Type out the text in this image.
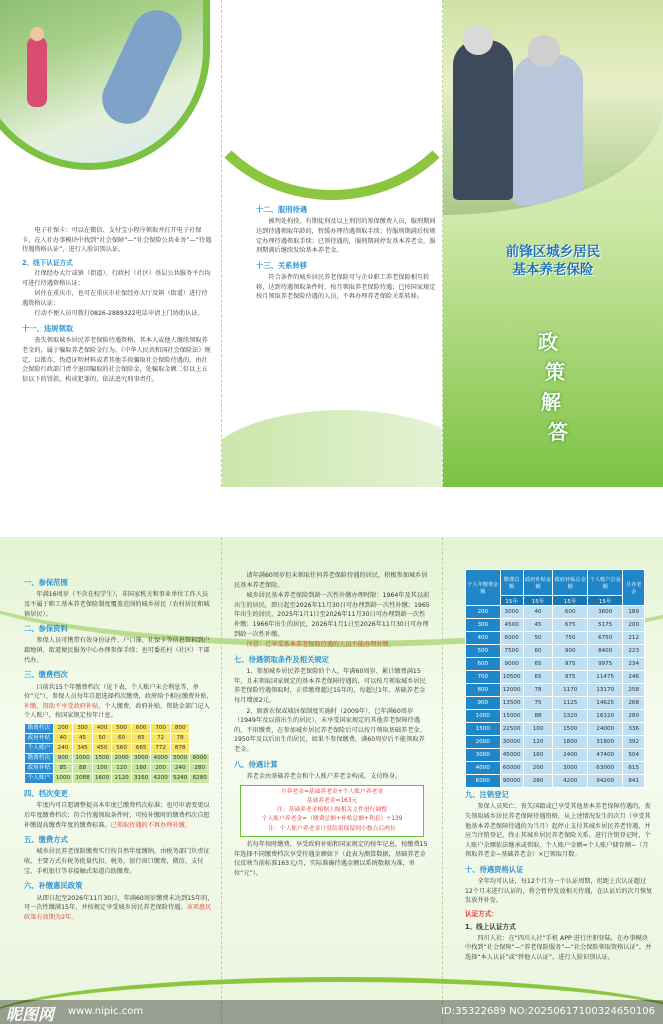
电子社保卡：可以在微信、支付宝小程序领取并打开电子社保卡，在人社办事模块中找到“社会保障”—“社会保险公共业务”—“待遇待遇资格认证”，进行人脸识别认证。

2、线下认证方式

社保经办大厅或镇（街道）、行政村（社区）基层公共服务平台均可进行待遇资格认证；

居住在重庆市，也可在重庆市社保经办大厅及镇（街道）进行待遇资格认证；

行动不便人员可拨打0826-2889322电话申请上门协助认证。

十一、违规领取

丧失领取城乡居民养老保险待遇资格，其本人或他人继续领取养老金的，属于骗取养老保险金行为。《中华人民共和国社会保险法》规定，以欺诈、伪造证明材料或者其他手段骗取社会保险待遇的，由社会保险行政部门责令退回骗取的社会保险金，处骗取金额二倍以上五倍以下的罚款。构成犯罪的，依法追究刑事责任。

十二、服刑待遇

被判处拘役、有期徒刑及以上刑罚的参保缴费人员，服刑期间达到待遇领取年龄的，暂缓办理待遇领取手续；待服刑期满后按规定办理待遇领取手续；已领待遇的，服刑期间停发基本养老金，服刑期满后继续发给基本养老金。

十三、关系转移

符合条件的城乡居民养老保险可与企业职工养老保险相互转移，达到待遇领取条件时，按月领取养老保险待遇；已按国家规定按月领取养老保险待遇的人员，不再办理养老保险关系转移。

前锋区城乡居民
基本养老保险
政
策
解
答
一、参保范围

年满16周岁（不含在校学生），非国家机关和事业单位工作人员及不属于职工基本养老保险制度覆盖范围的城乡居民（农村居民和城镇居民）。

二、参保资料

参保人员可携带有效身份证件、户口簿、社保卡等信息资料到户籍地镇、街道便民服务中心办理参保手续；也可委托村（社区）干部代办。

三、缴费档次

目前共15个年缴费档次（见下表，个人账户未会利息等，单位“元”），参保人员每年自愿选择档次缴费，政府给予相应缴费补贴，补缴、资助不享受政府补贴。个人缴费、政府补贴、资助金部门记入个人账户，按国家规定按年计息。

缴费档次	200	300	400	500	600	700	800	
政府补贴	40	45	50	60	65	72	78	
个人账户	240	345	450	560	665	772	878	
缴费档次	900	1000	1500	2000	3000	4000	5000	6000
政府补贴	85	88	100	120	160	200	240	280
个人账户	1000	1088	1600	2120	3160	4200	5240	6280
四、档次变更

年度内可自愿调整提高本年度已缴费档次标准；也可申请变更以后年度缴费档次；符合待遇领取条件时，可按补缴时的缴费档次自愿补缴提高缴费年度的缴费标准。已领取待遇的不再办理补缴。

五、缴费方式

城乡居民养老保险缴费实行按自然年度缴纳，由税务部门负责征收。主要方式有税务批量代扣、税务、银行窗口缴费，微信、支付宝、手机银行等非接触式渠道自助缴费。

六、补缴惠民政策

从即日起至2026年11月30日，年满60周岁缴费未达到15年的，可一次性缴满15年，并按规定享受城乡居民养老保险待遇。该项惠民政策有效期为2年。

请年满60周岁但未领取任何养老保险待遇的居民，积极参加城乡居民基本养老保险。

城乡居民基本养老保险到龄一次性补缴办理时限：1964年及其以前出生的居民，即日起至2026年11月30日可办理到龄一次性补缴；1965年出生的居民，2025年1月1日至2026年11月30日可办理到龄一次性补缴；1966年出生的居民，2026年1月1日至2026年11月30日可办理到龄一次性补缴。

注意：已享受基本养老保险待遇的人员不能办理补缴。

七、待遇领取条件及相关规定

1、参加城乡居民养老保险的个人，年满60周岁、累计缴费满15年，且未领取国家规定的基本养老保障待遇的，可以按月领取城乡居民养老保险待遇领取时，正常缴费超过15年的，每超过1年，基础养老金每月增加2元。

2、原新农保或城居保制度实施时（2009年），已年满60周岁（1949年及以前出生的居民），未享受国家规定的其他养老保障待遇的，不用缴费，在参加城乡居民养老保险后可以按月领取基础养老金。1950年及以后出生的居民，如果不参保缴费，满60周岁后不能领取养老金。

八、待遇计算

养老金由基础养老金和个人账户养老金构成，支付终身。

月养老金=基础养老金+个人账户养老金
基础养老金=163元
注：基础养老金根据上级相关文件进行调整
个人账户养老金=（缴费总额+补贴总额+利息）÷139
注：个人账户养老金计算结果保留到小数点后两位

若每年按时缴费，享受政府补贴和国家规定的按年记息，按缴费15年选择不同缴费档次享受待遇金额如下（此表为测算数据，基础养老金仅反映当前标准163元/月，实际准确待遇金额以系统数据为准，单位“元”）。

个人年缴费金额	缴费总额	政府补贴金额	政府补贴总金额	个人账户总金额	月养老金
	15年	15年	15年	15年	
200	3000	40	600	3600	189
300	4500	45	675	5175	200
400	6000	50	750	6750	212
500	7500	60	900	8400	223
600	9000	65	975	9975	234
700	10500	65	975	11475	246
800	12000	78	1170	13170	258
900	13500	75	1125	14625	268
1000	15000	88	1320	16320	280
1500	22500	100	1500	24000	336
2000	30000	120	1800	31800	392
3000	45000	160	2400	47400	504
4000	60000	200	3000	63000	615
6000	90000	280	4200	94200	841
九、注销登记

参保人员死亡、丧失国籍或已享受其他基本养老保障待遇的，丧失领取城乡居民养老保障待遇资格，从上述情况发生的次月（享受其他基本养老保障待遇的为当月）起停止支付其城乡居民养老待遇，并应当注销登记，终止其城乡居民养老保险关系。进行注销登记时，个人账户余额依法继承或领取。个人账户金额=个人账户储存额−（月领取养老金−基础养老金）×已领取月数。

十、待遇资格认证

全年均可认证，每12个月为一个认证周期，但距上次认证超过12个月未进行认证的，将会暂停发放相关待遇，在认证后的次月恢复发放并补发。

认证方式：
1、线上认证方式

四川人社：在“四川人社”手机 APP 进行注册登陆，在办事模块中找到“社会保障”—“养老保险服务”—“社会保险领取资格认证”，并选择“本人认证”或“替他人认证”，进行人脸识别认证。

昵图网 www.nipic.com	ID:35322689 NO:20250617100324650106
